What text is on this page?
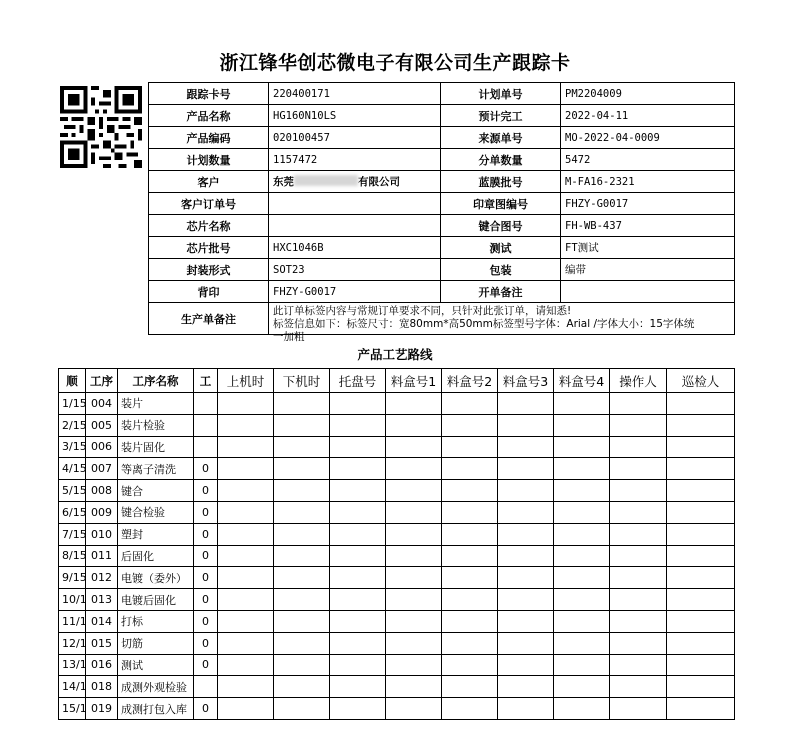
浙江锋华创芯微电子有限公司生产跟踪卡
跟踪卡号	220400171	计划单号	PM2204009
产品名称	HG160N10LS	预计完工	2022-04-11
产品编码	020100457	来源单号	MO-2022-04-0009
计划数量	1157472	分单数量	5472
客户	东莞 有限公司	蓝膜批号	M-FA16-2321
客户订单号		印章图编号	FHZY-G0017
芯片名称		键合图号	FH-WB-437
芯片批号	HXC1046B	测试	FT测试
封装形式	SOT23	包装	编带
背印	FHZY-G0017	开单备注	
生产单备注	此订单标签内容与常规订单要求不同，只针对此张订单，请知悉!
标签信息如下：标签尺寸：宽80mm*高50mm标签型号字体：Arial /字体大小：15字体统
一加粗		
产品工艺路线
顺	工序	工序名称	工	上机时	下机时	托盘号	料盒号1	料盒号2	料盒号3	料盒号4	操作人	巡检人
1/15	004	装片										
2/15	005	装片检验										
3/15	006	装片固化										
4/15	007	等离子清洗	0									
5/15	008	键合	0									
6/15	009	键合检验	0									
7/15	010	塑封	0									
8/15	011	后固化	0									
9/15	012	电镀（委外）	0									
10/1	013	电镀后固化	0									
11/1	014	打标	0									
12/1	015	切筋	0									
13/1	016	测试	0									
14/1	018	成测外观检验										
15/1	019	成测打包入库	0									
